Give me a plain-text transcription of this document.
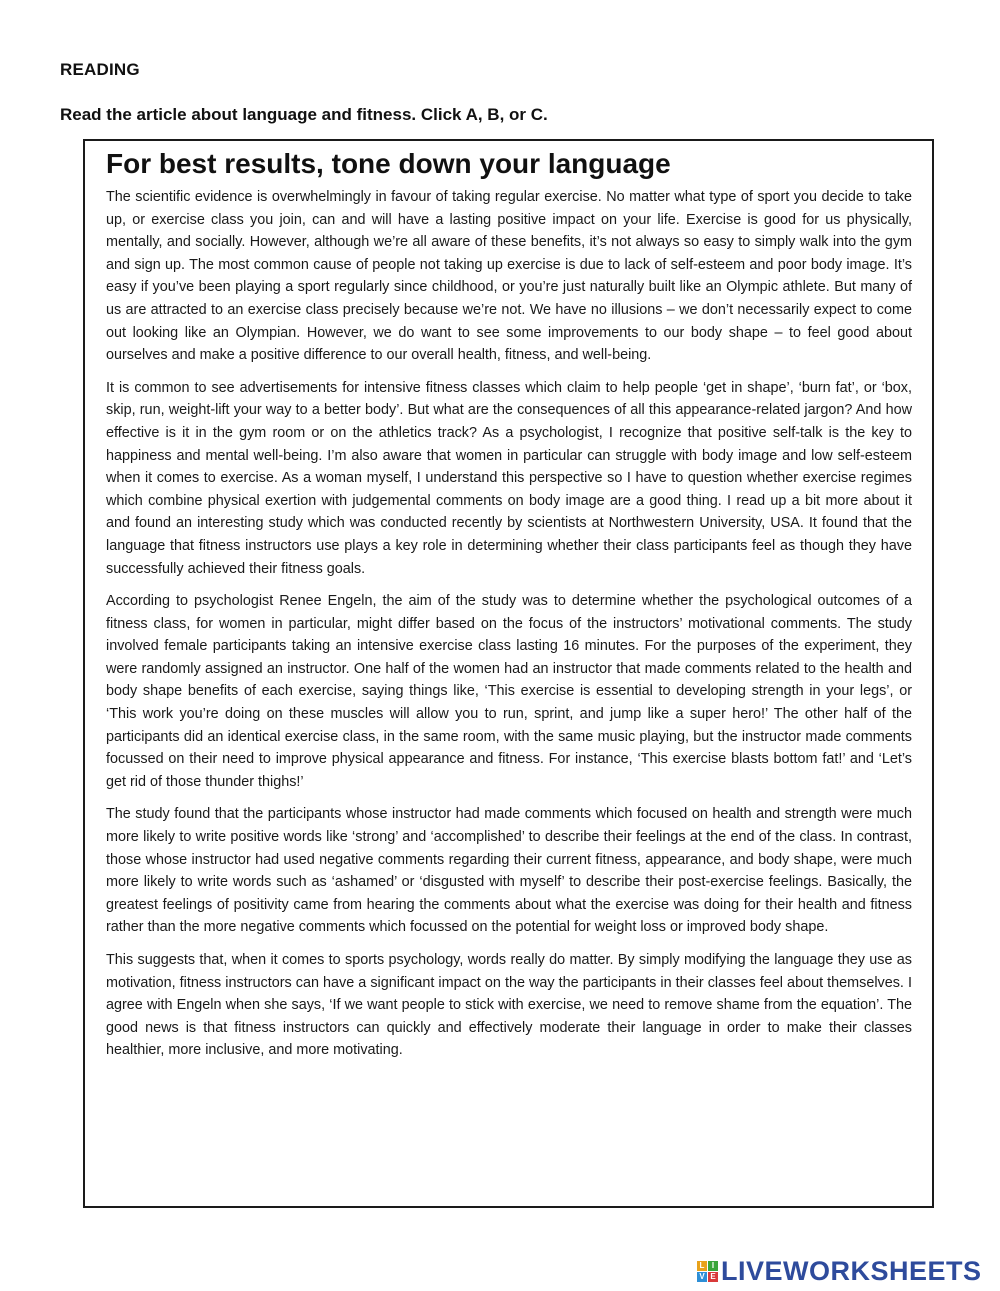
READING
Read the article about language and fitness. Click A, B, or C.
For best results, tone down your language

The scientific evidence is overwhelmingly in favour of taking regular exercise. No matter what type of sport you decide to take up, or exercise class you join, can and will have a lasting positive impact on your life. Exercise is good for us physically, mentally, and socially. However, although we’re all aware of these benefits, it’s not always so easy to simply walk into the gym and sign up. The most common cause of people not taking up exercise is due to lack of self-esteem and poor body image. It’s easy if you’ve been playing a sport regularly since childhood, or you’re just naturally built like an Olympic athlete. But many of us are attracted to an exercise class precisely because we’re not. We have no illusions – we don’t necessarily expect to come out looking like an Olympian. However, we do want to see some improvements to our body shape – to feel good about ourselves and make a positive difference to our overall health, fitness, and well-being.

It is common to see advertisements for intensive fitness classes which claim to help people ‘get in shape’, ‘burn fat’, or ‘box, skip, run, weight-lift your way to a better body’. But what are the consequences of all this appearance-related jargon? And how effective is it in the gym room or on the athletics track? As a psychologist, I recognize that positive self-talk is the key to happiness and mental well-being. I’m also aware that women in particular can struggle with body image and low self-esteem when it comes to exercise. As a woman myself, I understand this perspective so I have to question whether exercise regimes which combine physical exertion with judgemental comments on body image are a good thing. I read up a bit more about it and found an interesting study which was conducted recently by scientists at Northwestern University, USA. It found that the language that fitness instructors use plays a key role in determining whether their class participants feel as though they have successfully achieved their fitness goals.

According to psychologist Renee Engeln, the aim of the study was to determine whether the psychological outcomes of a fitness class, for women in particular, might differ based on the focus of the instructors’ motivational comments. The study involved female participants taking an intensive exercise class lasting 16 minutes. For the purposes of the experiment, they were randomly assigned an instructor. One half of the women had an instructor that made comments related to the health and body shape benefits of each exercise, saying things like, ‘This exercise is essential to developing strength in your legs’, or ‘This work you’re doing on these muscles will allow you to run, sprint, and jump like a super hero!’ The other half of the participants did an identical exercise class, in the same room, with the same music playing, but the instructor made comments focussed on their need to improve physical appearance and fitness. For instance, ‘This exercise blasts bottom fat!’ and ‘Let’s get rid of those thunder thighs!’

The study found that the participants whose instructor had made comments which focused on health and strength were much more likely to write positive words like ‘strong’ and ‘accomplished’ to describe their feelings at the end of the class. In contrast, those whose instructor had used negative comments regarding their current fitness, appearance, and body shape, were much more likely to write words such as ‘ashamed’ or ‘disgusted with myself’ to describe their post-exercise feelings. Basically, the greatest feelings of positivity came from hearing the comments about what the exercise was doing for their health and fitness rather than the more negative comments which focussed on the potential for weight loss or improved body shape.

This suggests that, when it comes to sports psychology, words really do matter. By simply modifying the language they use as motivation, fitness instructors can have a significant impact on the way the participants in their classes feel about themselves. I agree with Engeln when she says, ‘If we want people to stick with exercise, we need to remove shame from the equation’. The good news is that fitness instructors can quickly and effectively moderate their language in order to make their classes healthier, more inclusive, and more motivating.

L I
V E LIVEWORKSHEETS
